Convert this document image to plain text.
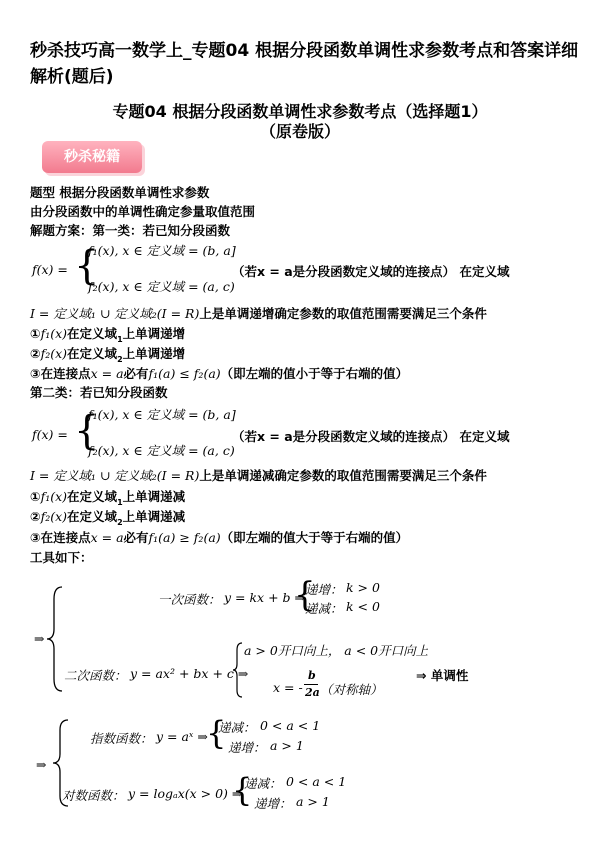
秒杀技巧高一数学上_专题04 根据分段函数单调性求参数考点和答案详细解析(题后)
专题04 根据分段函数单调性求参数考点（选择题1）
（原卷版）
秒杀秘籍
题型 根据分段函数单调性求参数
由分段函数中的单调性确定参量取值范围
解题方案：第一类：若已知分段函数
f(x) = {
f₁(x), x ∈ 定义域 = (b, a]
f₂(x), x ∈ 定义域 = (a, c)
（若x = a是分段函数定义域的连接点） 在定义域
I = 定义域₁ ∪ 定义域₂(I = R)上是单调递增确定参数的取值范围需要满足三个条件
①f₁(x)在定义域$_1$上单调递增
②f₂(x)在定义域$_2$上单调递增
③在连接点x = a必有f₁(a) ≤ f₂(a)（即左端的值小于等于右端的值）
第二类：若已知分段函数
f(x) = {
f₁(x), x ∈ 定义域 = (b, a]
f₂(x), x ∈ 定义域 = (a, c)
（若x = a是分段函数定义域的连接点） 在定义域
I = 定义域₁ ∪ 定义域₂(I = R)上是单调递减确定参数的取值范围需要满足三个条件
①f₁(x)在定义域$_1$上单调递减
②f₂(x)在定义域$_2$上单调递减
③在连接点x = a必有f₁(a) ≥ f₂(a)（即左端的值大于等于右端的值）
工具如下：
⇒
一次函数： y = kx + b ⇒
{
递增： k > 0
递减： k < 0
二次函数： y = ax² + bx + c ⇒
a > 0开口向上， a < 0开口向上
x = -
b
2a （对称轴）
⇒ 单调性
⇒
指数函数： y = aˣ ⇒
{
递减： 0 < a < 1
递增： a > 1
对数函数： y = logₐx(x > 0) ⇒
{
递减： 0 < a < 1
递增： a > 1
